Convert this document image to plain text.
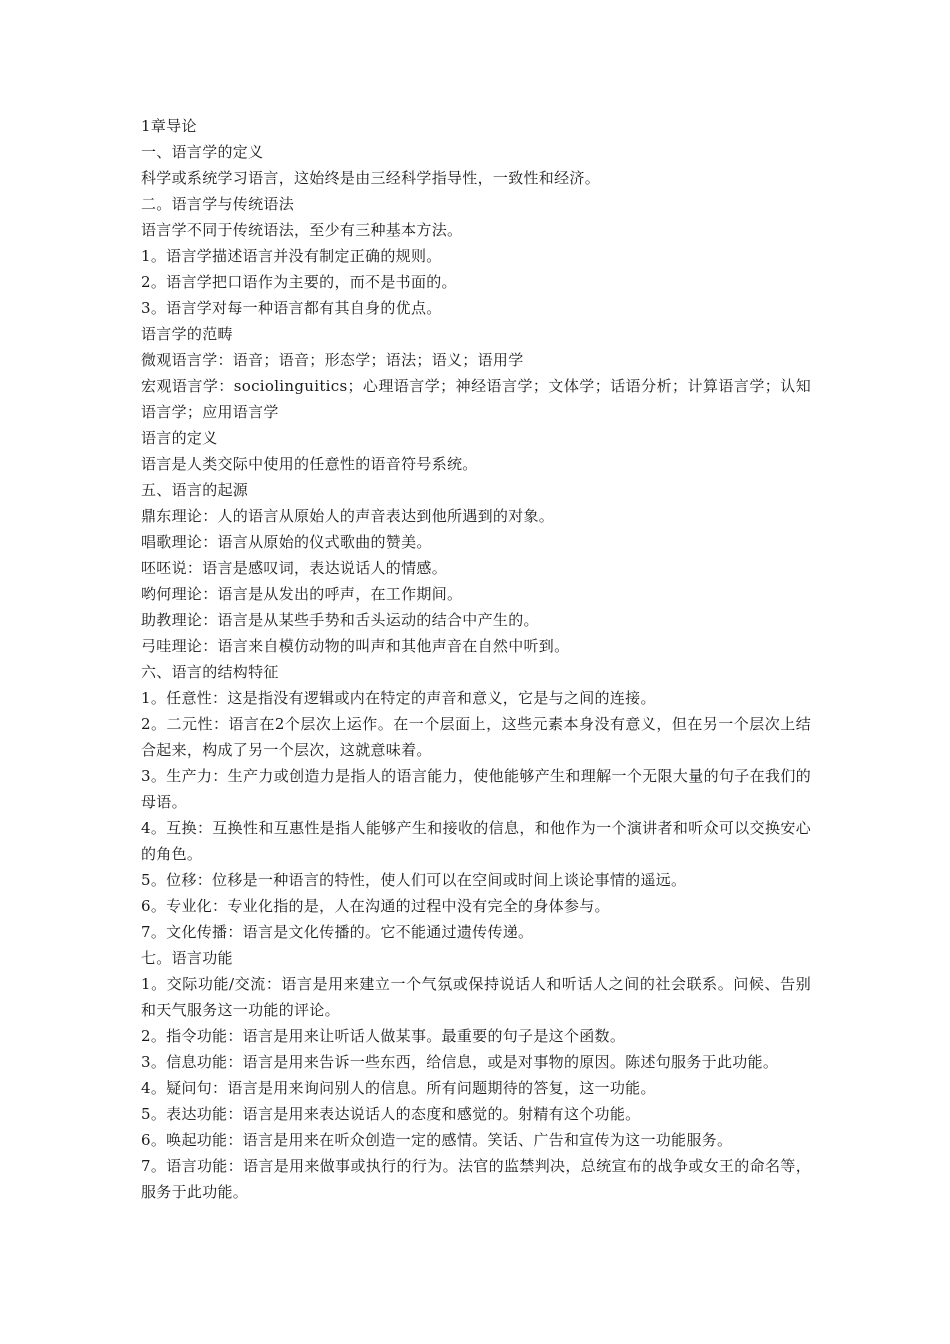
1章导论
一、语言学的定义
科学或系统学习语言，这始终是由三经科学指导性，一致性和经济。
二。语言学与传统语法
语言学不同于传统语法，至少有三种基本方法。
1。语言学描述语言并没有制定正确的规则。
2。语言学把口语作为主要的，而不是书面的。
3。语言学对每一种语言都有其自身的优点。
语言学的范畴
微观语言学：语音；语音；形态学；语法；语义；语用学
宏观语言学：sociolinguitics；心理语言学；神经语言学；文体学；话语分析；计算语言学；认知语言学；应用语言学
语言的定义
语言是人类交际中使用的任意性的语音符号系统。
五、语言的起源
鼎东理论：人的语言从原始人的声音表达到他所遇到的对象。
唱歌理论：语言从原始的仪式歌曲的赞美。
呸呸说：语言是感叹词，表达说话人的情感。
哟何理论：语言是从发出的呼声，在工作期间。
助教理论：语言是从某些手势和舌头运动的结合中产生的。
弓哇理论：语言来自模仿动物的叫声和其他声音在自然中听到。
六、语言的结构特征
1。任意性：这是指没有逻辑或内在特定的声音和意义，它是与之间的连接。
2。二元性：语言在2个层次上运作。在一个层面上，这些元素本身没有意义，但在另一个层次上结合起来，构成了另一个层次，这就意味着。
3。生产力：生产力或创造力是指人的语言能力，使他能够产生和理解一个无限大量的句子在我们的母语。
4。互换：互换性和互惠性是指人能够产生和接收的信息，和他作为一个演讲者和听众可以交换安心的角色。
5。位移：位移是一种语言的特性，使人们可以在空间或时间上谈论事情的遥远。
6。专业化：专业化指的是，人在沟通的过程中没有完全的身体参与。
7。文化传播：语言是文化传播的。它不能通过遗传传递。
七。语言功能
1。交际功能/交流：语言是用来建立一个气氛或保持说话人和听话人之间的社会联系。问候、告别和天气服务这一功能的评论。
2。指令功能：语言是用来让听话人做某事。最重要的句子是这个函数。
3。信息功能：语言是用来告诉一些东西，给信息，或是对事物的原因。陈述句服务于此功能。
4。疑问句：语言是用来询问别人的信息。所有问题期待的答复，这一功能。
5。表达功能：语言是用来表达说话人的态度和感觉的。射精有这个功能。
6。唤起功能：语言是用来在听众创造一定的感情。笑话、广告和宣传为这一功能服务。
7。语言功能：语言是用来做事或执行的行为。法官的监禁判决，总统宣布的战争或女王的命名等，服务于此功能。
